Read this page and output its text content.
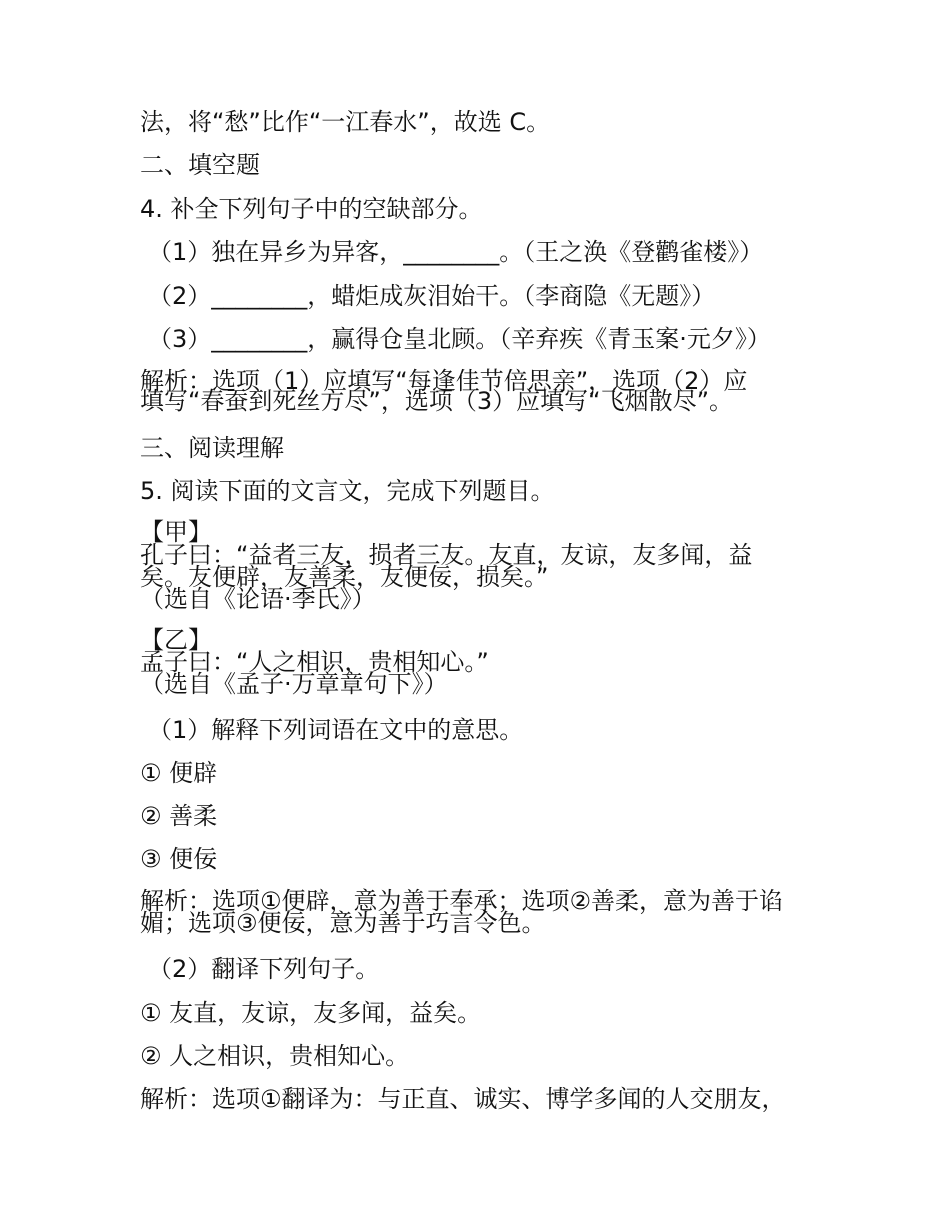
法，将“愁”比作“一江春水”，故选 C。
二、填空题
4. 补全下列句子中的空缺部分。
（1）独在异乡为异客，________。（王之涣《登鹳雀楼》）
（2）________，蜡炬成灰泪始干。（李商隐《无题》）
（3）________，赢得仓皇北顾。（辛弃疾《青玉案·元夕》）
解析：选项（1）应填写“每逢佳节倍思亲”，选项（2）应
填写“春蚕到死丝方尽”，选项（3）应填写“飞烟散尽”。
三、阅读理解
5. 阅读下面的文言文，完成下列题目。
【甲】
孔子曰：“益者三友，损者三友。友直，友谅，友多闻，益
矣。友便辟，友善柔，友便佞，损矣。”
（选自《论语·季氏》）
【乙】
孟子曰：“人之相识，贵相知心。”
（选自《孟子·万章章句下》）
（1）解释下列词语在文中的意思。
① 便辟
② 善柔
③ 便佞
解析：选项①便辟，意为善于奉承；选项②善柔，意为善于谄
媚；选项③便佞，意为善于巧言令色。
（2）翻译下列句子。
① 友直，友谅，友多闻，益矣。
② 人之相识，贵相知心。
解析：选项①翻译为：与正直、诚实、博学多闻的人交朋友，
